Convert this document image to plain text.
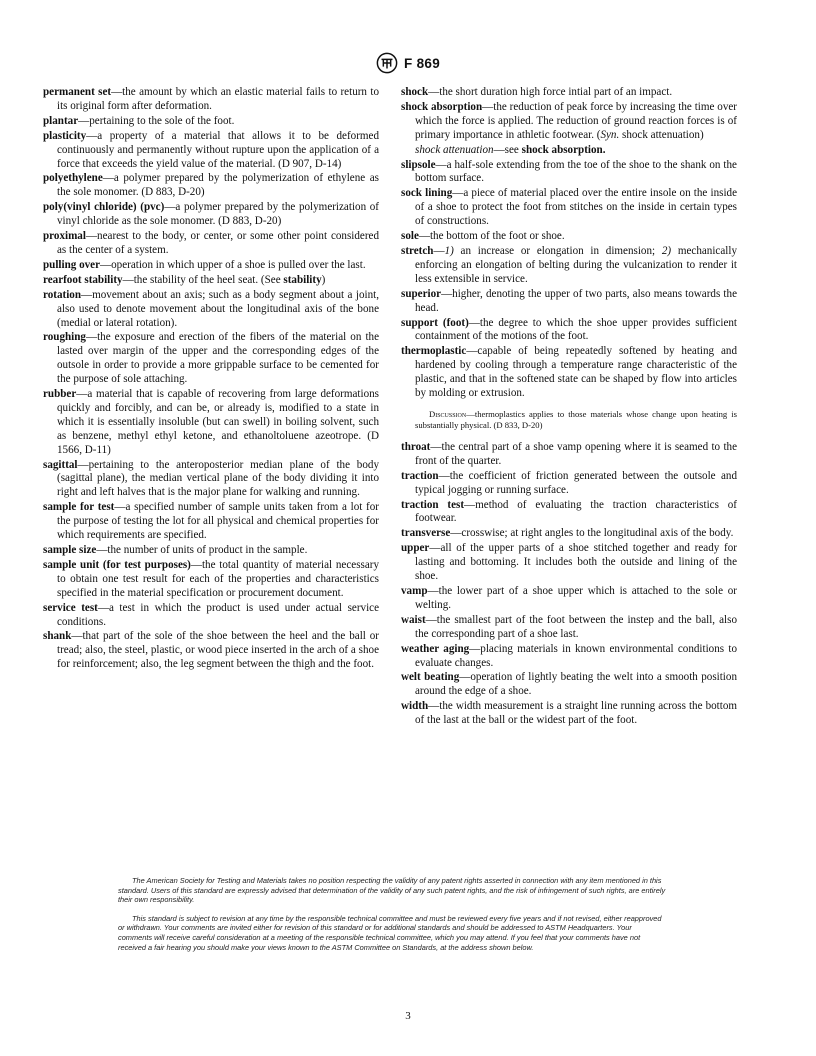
F 869
permanent set—the amount by which an elastic material fails to return to its original form after deformation.
plantar—pertaining to the sole of the foot.
plasticity—a property of a material that allows it to be deformed continuously and permanently without rupture upon the application of a force that exceeds the yield value of the material. (D 907, D-14)
polyethylene—a polymer prepared by the polymerization of ethylene as the sole monomer. (D 883, D-20)
poly(vinyl chloride) (pvc)—a polymer prepared by the polymerization of vinyl chloride as the sole monomer. (D 883, D-20)
proximal—nearest to the body, or center, or some other point considered as the center of a system.
pulling over—operation in which upper of a shoe is pulled over the last.
rearfoot stability—the stability of the heel seat. (See stability)
rotation—movement about an axis; such as a body segment about a joint, also used to denote movement about the longitudinal axis of the bone (medial or lateral rotation).
roughing—the exposure and erection of the fibers of the material on the lasted over margin of the upper and the corresponding edges of the outsole in order to provide a more grippable surface to be cemented for the purpose of sole attaching.
rubber—a material that is capable of recovering from large deformations quickly and forcibly, and can be, or already is, modified to a state in which it is essentially insoluble (but can swell) in boiling solvent, such as benzene, methyl ethyl ketone, and ethanoltoluene azeotrope. (D 1566, D-11)
sagittal—pertaining to the anteroposterior median plane of the body (sagittal plane), the median vertical plane of the body dividing it into right and left halves that is the major plane for walking and running.
sample for test—a specified number of sample units taken from a lot for the purpose of testing the lot for all physical and chemical properties for which requirements are specified.
sample size—the number of units of product in the sample.
sample unit (for test purposes)—the total quantity of material necessary to obtain one test result for each of the properties and characteristics specified in the material specification or procurement document.
service test—a test in which the product is used under actual service conditions.
shank—that part of the sole of the shoe between the heel and the ball or tread; also, the steel, plastic, or wood piece inserted in the arch of a shoe for reinforcement; also, the leg segment between the thigh and the foot.
shock—the short duration high force intial part of an impact.
shock absorption—the reduction of peak force by increasing the time over which the force is applied. The reduction of ground reaction forces is of primary importance in athletic footwear. (Syn. shock attenuation)
shock attenuation—see shock absorption.
slipsole—a half-sole extending from the toe of the shoe to the shank on the bottom surface.
sock lining—a piece of material placed over the entire insole on the inside of a shoe to protect the foot from stitches on the inside in certain types of constructions.
sole—the bottom of the foot or shoe.
stretch—1) an increase or elongation in dimension; 2) mechanically enforcing an elongation of belting during the vulcanization to render it less extensible in service.
superior—higher, denoting the upper of two parts, also means towards the head.
support (foot)—the degree to which the shoe upper provides sufficient containment of the motions of the foot.
thermoplastic—capable of being repeatedly softened by heating and hardened by cooling through a temperature range characteristic of the plastic, and that in the softened state can be shaped by flow into articles by molding or extrusion.
Discussion—thermoplastics applies to those materials whose change upon heating is substantially physical. (D 833, D-20)
throat—the central part of a shoe vamp opening where it is seamed to the front of the quarter.
traction—the coefficient of friction generated between the outsole and typical jogging or running surface.
traction test—method of evaluating the traction characteristics of footwear.
transverse—crosswise; at right angles to the longitudinal axis of the body.
upper—all of the upper parts of a shoe stitched together and ready for lasting and bottoming. It includes both the outside and lining of the shoe.
vamp—the lower part of a shoe upper which is attached to the sole or welting.
waist—the smallest part of the foot between the instep and the ball, also the corresponding part of a shoe last.
weather aging—placing materials in known environmental conditions to evaluate changes.
welt beating—operation of lightly beating the welt into a smooth position around the edge of a shoe.
width—the width measurement is a straight line running across the bottom of the last at the ball or the widest part of the foot.

The American Society for Testing and Materials takes no position respecting the validity of any patent rights asserted in connection with any item mentioned in this standard. Users of this standard are expressly advised that determination of the validity of any such patent rights, and the risk of infringement of such rights, are entirely their own responsibility.

This standard is subject to revision at any time by the responsible technical committee and must be reviewed every five years and if not revised, either reapproved or withdrawn. Your comments are invited either for revision of this standard or for additional standards and should be addressed to ASTM Headquarters. Your comments will receive careful consideration at a meeting of the responsible technical committee, which you may attend. If you feel that your comments have not received a fair hearing you should make your views known to the ASTM Committee on Standards, at the address shown below.

3
